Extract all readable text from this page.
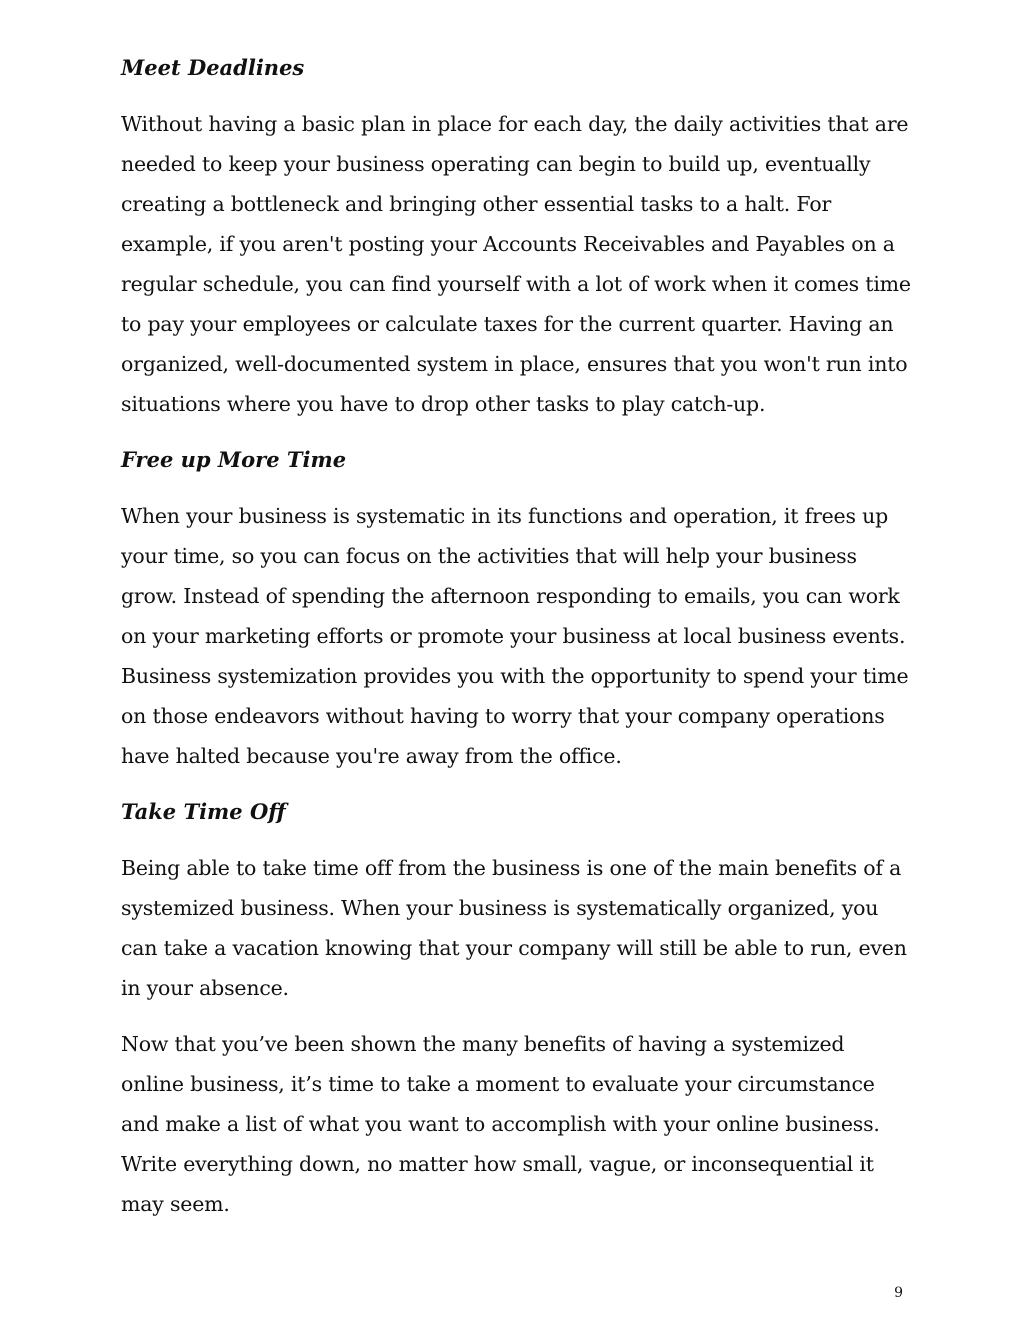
Meet Deadlines

Without having a basic plan in place for each day, the daily activities that are needed to keep your business operating can begin to build up, eventually creating a bottleneck and bringing other essential tasks to a halt. For example, if you aren't posting your Accounts Receivables and Payables on a regular schedule, you can find yourself with a lot of work when it comes time to pay your employees or calculate taxes for the current quarter. Having an organized, well-documented system in place, ensures that you won't run into situations where you have to drop other tasks to play catch-up.

Free up More Time

When your business is systematic in its functions and operation, it frees up your time, so you can focus on the activities that will help your business grow. Instead of spending the afternoon responding to emails, you can work on your marketing efforts or promote your business at local business events. Business systemization provides you with the opportunity to spend your time on those endeavors without having to worry that your company operations have halted because you're away from the office.

Take Time Off

Being able to take time off from the business is one of the main benefits of a systemized business. When your business is systematically organized, you can take a vacation knowing that your company will still be able to run, even in your absence.

Now that you’ve been shown the many benefits of having a systemized online business, it’s time to take a moment to evaluate your circumstance and make a list of what you want to accomplish with your online business. Write everything down, no matter how small, vague, or inconsequential it may seem.

9
